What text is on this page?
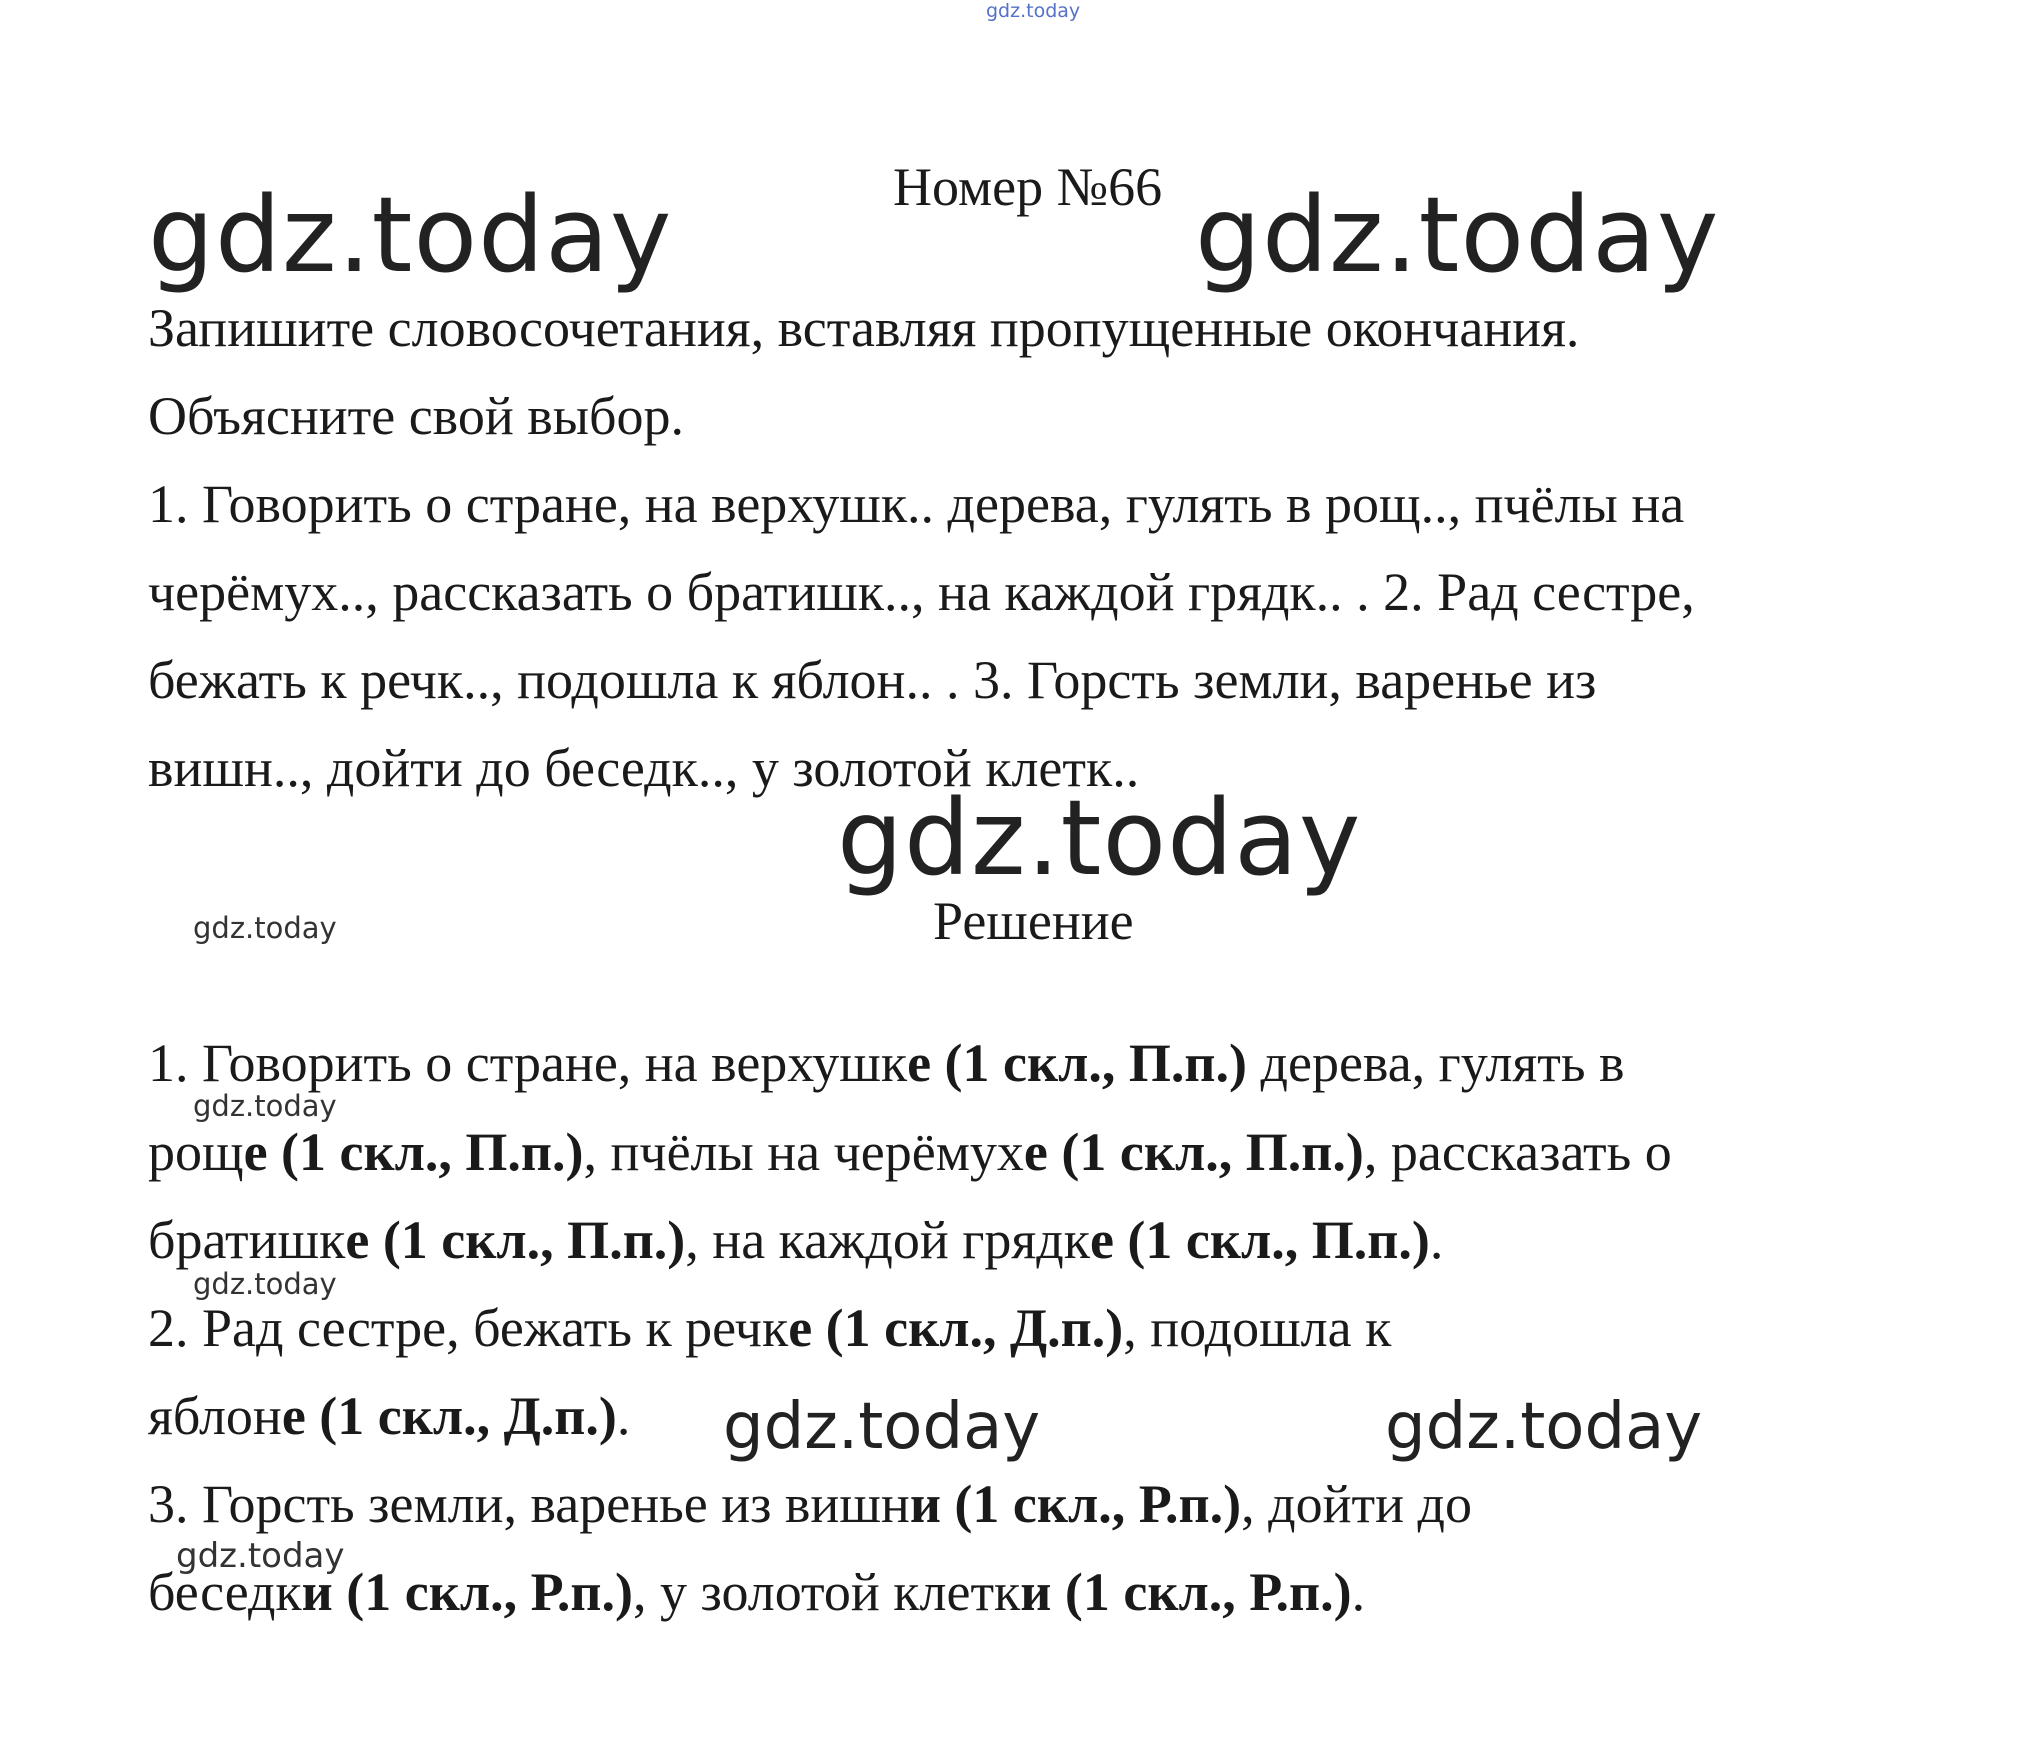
gdz.today
gdz.today	gdz.today
gdz.today
gdz.today
gdz.today
gdz.today
gdz.today	gdz.today
gdz.today
Номер №66
Запишите словосочетания, вставляя пропущенные окончания.
Объясните свой выбор.
1. Говорить о стране, на верхушк.. дерева, гулять в рощ.., пчёлы на
черёмух.., рассказать о братишк.., на каждой грядк.. . 2. Рад сестре,
бежать к речк.., подошла к яблон.. . 3. Горсть земли, варенье из
вишн.., дойти до беседк.., у золотой клетк..
Решение
1. Говорить о стране, на верхушке (1 скл., П.п.) дерева, гулять в
роще (1 скл., П.п.), пчёлы на черёмухе (1 скл., П.п.), рассказать о
братишке (1 скл., П.п.), на каждой грядке (1 скл., П.п.).
2. Рад сестре, бежать к речке (1 скл., Д.п.), подошла к
яблоне (1 скл., Д.п.).
3. Горсть земли, варенье из вишни (1 скл., Р.п.), дойти до
беседки (1 скл., Р.п.), у золотой клетки (1 скл., Р.п.).
